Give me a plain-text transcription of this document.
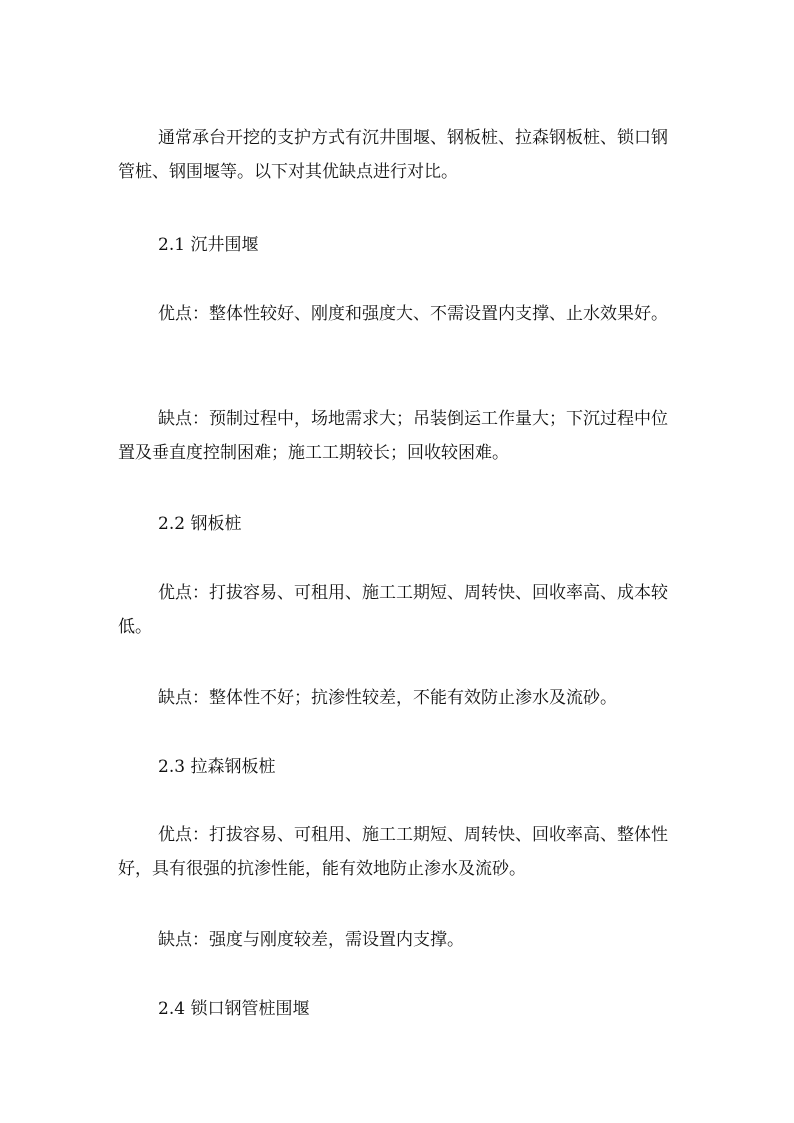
通常承台开挖的支护方式有沉井围堰、钢板桩、拉森钢板桩、锁口钢管桩、钢围堰等。以下对其优缺点进行对比。

2.1 沉井围堰

优点：整体性较好、刚度和强度大、不需设置内支撑、止水效果好。

缺点：预制过程中，场地需求大；吊装倒运工作量大；下沉过程中位置及垂直度控制困难；施工工期较长；回收较困难。

2.2 钢板桩

优点：打拔容易、可租用、施工工期短、周转快、回收率高、成本较低。

缺点：整体性不好；抗渗性较差，不能有效防止渗水及流砂。

2.3 拉森钢板桩

优点：打拔容易、可租用、施工工期短、周转快、回收率高、整体性好，具有很强的抗渗性能，能有效地防止渗水及流砂。

缺点：强度与刚度较差，需设置内支撑。

2.4 锁口钢管桩围堰
